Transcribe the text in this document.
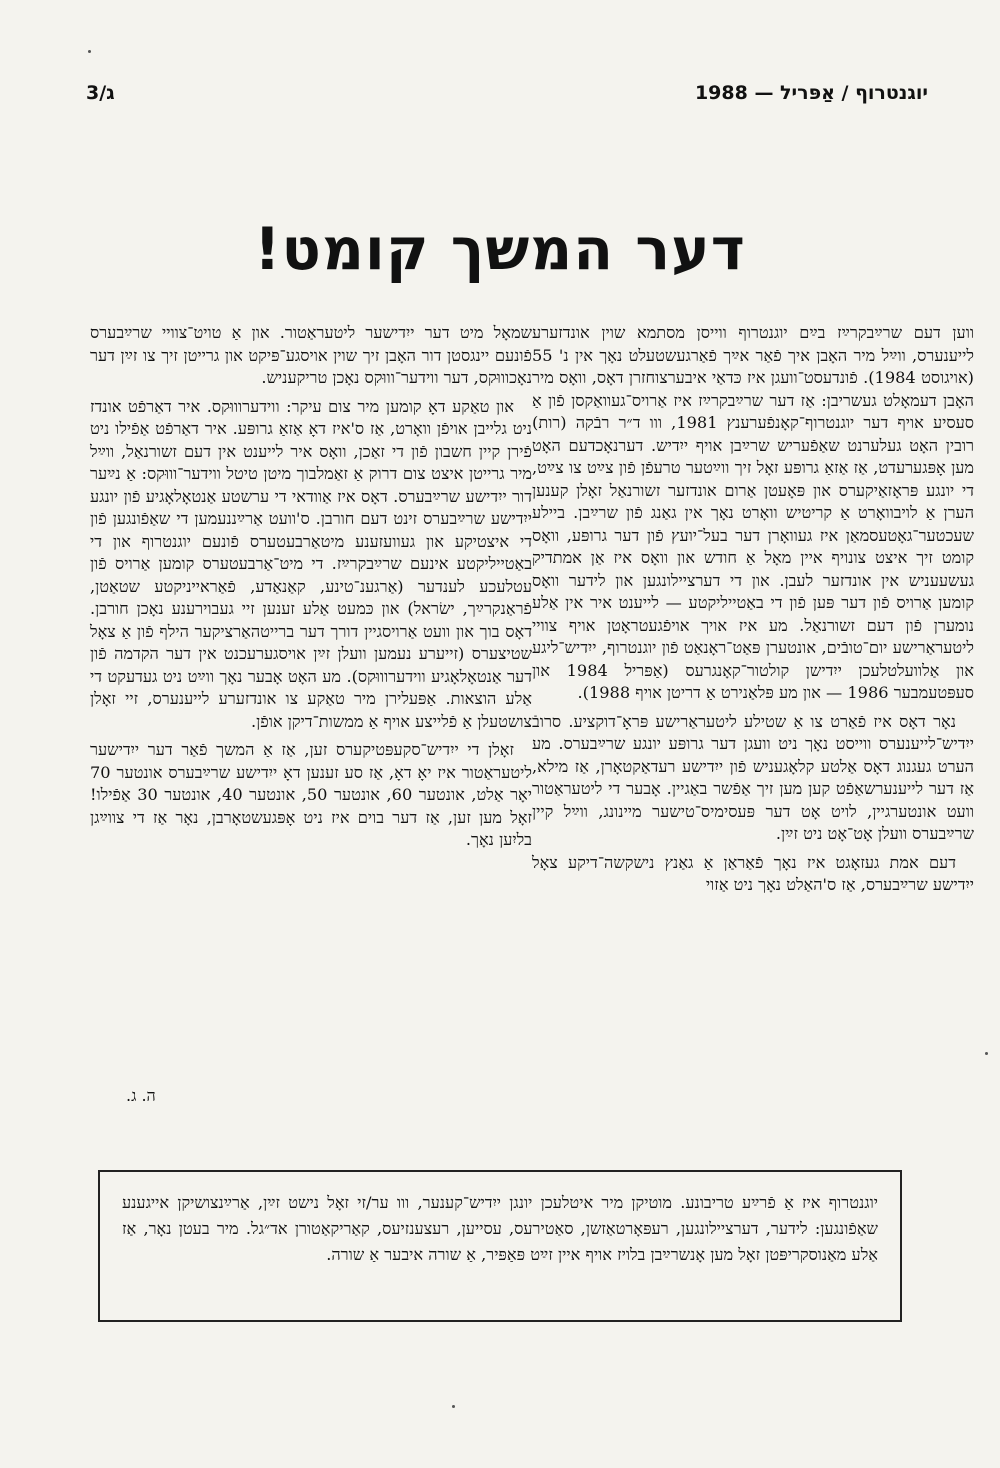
ג/3	יוגנטרוף / אַפּריל — 1988
דער המשך קומט!

ווען דעם שרײַבקרײַז בײַם יוגנטרוף ווייסן מסתמא שוין אונדזערע לייענערס, ווײַל מיר האָבן איך פֿאַר אײַך פֿאַרגעשטעלט נאָך אין נ' 55 (אויגוסט 1984). פֿונדעסט־וועגן איז כּדאַי איבערצוחזרן דאָס, וואָס מיר האָבן דעמאָלט געשריבן: אַז דער שרײַבקרײַז איז אַרויס־געוואַקסן פֿון אַ סעסיע אויף דער יוגנטרוף־קאָנפֿערענץ 1981, ווו ד״ר רבֿקה (רות) רובין האָט געלערנט שאַפֿעריש שרײַבן אויף ייִדיש. דערנאָכדעם האָט מען אָפּגערעדט, אַז אַזאַ גרופּע זאָל זיך ווײַטער טרעפֿן פֿון צײַט צו צײַט, די יונגע פּראָזאַיקערס און פּאָעטן אַרום אונדזער זשורנאַל זאָלן קענען הערן אַ לויבוואָרט אַ קריטיש וואָרט נאָך אין גאַנג פֿון שרײַבן. ביילע שעכטער־גאָטעסמאַן איז געוואָרן דער בעל־יועץ פֿון דער גרופּע, וואָס קומט זיך איצט צונויף איין מאָל אַ חודש און וואָס איז אַן אמתדיק געשעעניש אין אונדזער לעבן. און די דערציילונגען און לידער וואָס קומען אַרויס פֿון דער פּען פֿון די באַטייליקטע — לייענט איר אין אַלע נומערן פֿון דעם זשורנאַל. מע איז אויך אויפֿגעטראָטן אויף צוויי ליטעראַרישע יום־טובֿים, אונטערן פּאַט־ראָנאַט פֿון יוגנטרוף, ייִדיש־ליגע און אַלוועלטלעכן ייִדישן קולטור־קאָנגרעס (אַפּריל 1984 און סעפּטעמבער 1986 — און מע פּלאַנירט אַ דריטן אויף 1988).

נאָר דאָס איז פֿאַרט צו אַ שטילע ליטעראַרישע פּראָ־דוקציע. סרובֿ ייִדיש־לייענערס ווייסט נאָך ניט וועגן דער גרופּע יונגע שרײַבערס. מע הערט געגנוג דאָס אַלטע קלאָגעניש פֿון ייִדישע רעדאַקטאָרן, אַז מילא, אַז דער לייענערשאַפֿט קען מען זיך אַפֿשר באַגיין. אָבער די ליטעראַטור וועט אונטערגיין, לויט אָט דער פּעסימיס־טישער מיינונג, ווײַל קיין שרײַבערס וועלן אָט־אָט ניט זײַן.

דעם אמת געזאָגט איז נאָך פֿאַראַן אַ גאַנץ נישקשה־דיקע צאָל ייִדישע שרײַבערס, אַז ס'האַלט נאָך ניט אַזוי

שמאָל מיט דער ייִדישער ליטעראַטור. און אַ טויט־צוויי שרײַבערס פֿונעם יינגסטן דור האָבן זיך שוין אויסגע־פּיקט און גרייטן זיך צו זײַן דער נאָכוווּקס, דער ווידער־וווּקס נאָכן טריקעניש.

און טאַקע דאָ קומען מיר צום עיקר: ווידערוווּקס. איר דאַרפֿט אונדז ניט גלייבן אויפֿן וואָרט, אַז ס'איז דאָ אַזאַ גרופּע. איר דאַרפֿט אַפֿילו ניט פֿירן קיין חשבון פֿון די זאַכן, וואָס איר לייענט אין דעם זשורנאַל, ווײַל מיר גרייטן איצט צום דרוק אַ זאַמלבוך מיטן טיטל ווידער־וווּקס: אַ נײַער דור ייִדישע שרײַבערס. דאָס איז אַוודאי די ערשטע אַנטאָלאָגיע פֿון יונגע ייִדישע שרײַבערס זינט דעם חורבן. ס'וועט אַרײַננעמען די שאַפֿונגען פֿון די איצטיקע און געוועזענע מיטאַרבעטערס פֿונעם יוגנטרוף און די באַטייליקטע אינעם שרײַבקרײַז. די מיט־אַרבעטערס קומען אַרויס פֿון עטלעכע לענדער (אַרגענ־טינע, קאַנאַדע, פֿאַראייניקטע שטאַטן, פֿראַנקרײַך, ישׂראל) און כּמעט אַלע זענען זיי געבוירענע נאָכן חורבן. דאָס בוך און וועט אַרויסגיין דורך דער ברייטהאַרציקער הילף פֿון אַ צאָל שטיצערס (זייערע נעמען וועלן זײַן אויסגערעכנט אין דער הקדמה פֿון דער אַנטאָלאָגיע ווידערוווּקס). מע האָט אָבער נאָך ווײַט ניט געדעקט די אַלע הוצאות. אַפּעלירן מיר טאַקע צו אונדזערע לייענערס, זיי זאָלן צושטעלן אַ פֿלייצע אויף אַ ממשות־דיקן אופֿן.

זאָלן די ייִדיש־סקעפּטיקערס זען, אַז אַ המשך פֿאַר דער ייִדישער ליטעראַטור איז יאָ דאָ, אַז סע זענען דאָ ייִדישע שרײַבערס אונטער 70 יאָר אַלט, אונטער 60, אונטער 50, אונטער 40, אונטער 30 אַפֿילו! זאָל מען זען, אַז דער בוים איז ניט אָפּגעשטאָרבן, נאָר אַז די צווײַגן בליִען נאָך.

ה. ג.
יוגנטרוף איז אַ פֿרײַע טריבונע. מוטיקן מיר איטלעכן יונגן ייִדיש־קענער, ווו ער/זי זאָל נישט זײַן, אַרײַנצושיקן אייגענע שאַפֿונגען: לידער, דערציילונגען, רעפּאָרטאַזשן, סאַטירעס, עסייען, רעצענזיעס, קאַריקאַטורן אד״גל. מיר בעטן נאָר, אַז אַלע מאַנוסקריפּטן זאָל מען אָנשרײַבן בלויז אויף איין זײַט פּאַפּיר, אַ שורה איבער אַ שורה.
